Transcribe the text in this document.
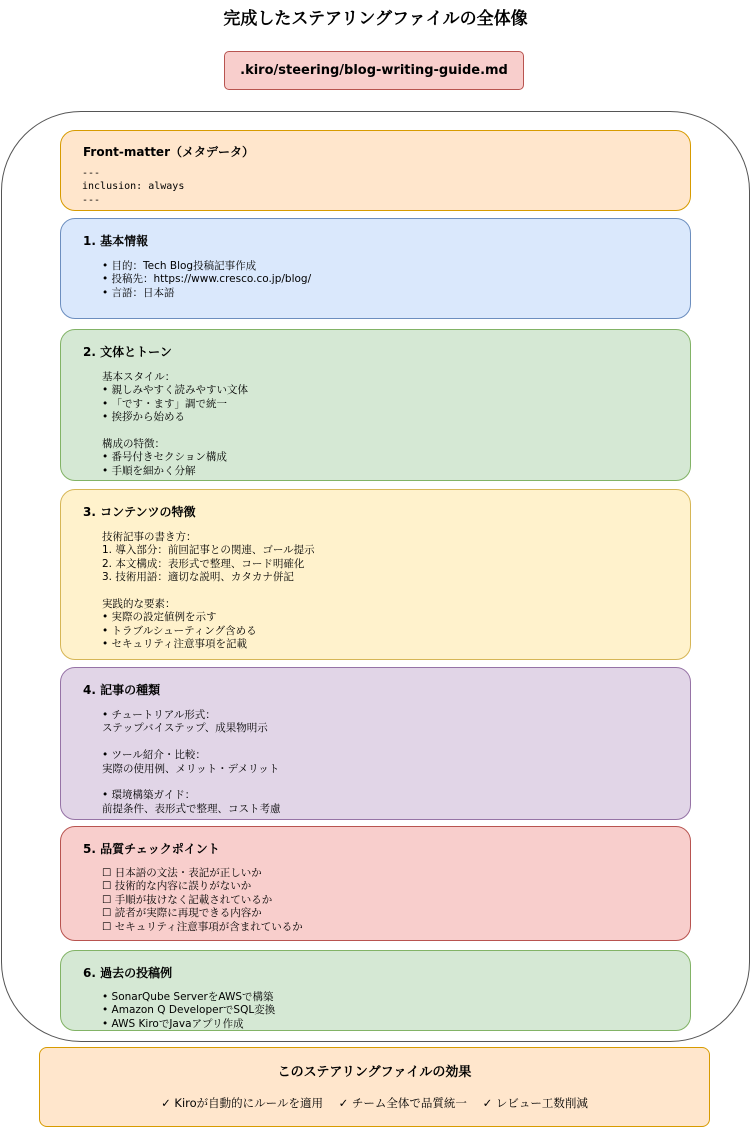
完成したステアリングファイルの全体像
.kiro/steering/blog-writing-guide.md
Front-matter（メタデータ）
---
inclusion: always
---
1. 基本情報
• 目的：Tech Blog投稿記事作成
• 投稿先：https://www.cresco.co.jp/blog/
• 言語：日本語
2. 文体とトーン
基本スタイル：
• 親しみやすく読みやすい文体
• 「です・ます」調で統一
• 挨拶から始める
構成の特徴：
• 番号付きセクション構成
• 手順を細かく分解
3. コンテンツの特徴
技術記事の書き方：
1. 導入部分：前回記事との関連、ゴール提示
2. 本文構成：表形式で整理、コード明確化
3. 技術用語：適切な説明、カタカナ併記
実践的な要素：
• 実際の設定値例を示す
• トラブルシューティング含める
• セキュリティ注意事項を記載
4. 記事の種類
• チュートリアル形式：
ステップバイステップ、成果物明示
• ツール紹介・比較：
実際の使用例、メリット・デメリット
• 環境構築ガイド：
前提条件、表形式で整理、コスト考慮
5. 品質チェックポイント
☐ 日本語の文法・表記が正しいか
☐ 技術的な内容に誤りがないか
☐ 手順が抜けなく記載されているか
☐ 読者が実際に再現できる内容か
☐ セキュリティ注意事項が含まれているか
6. 過去の投稿例
• SonarQube ServerをAWSで構築
• Amazon Q DeveloperでSQL変換
• AWS KiroでJavaアプリ作成
このステアリングファイルの効果
✓ Kiroが自動的にルールを適用 ✓ チーム全体で品質統一 ✓ レビュー工数削減
